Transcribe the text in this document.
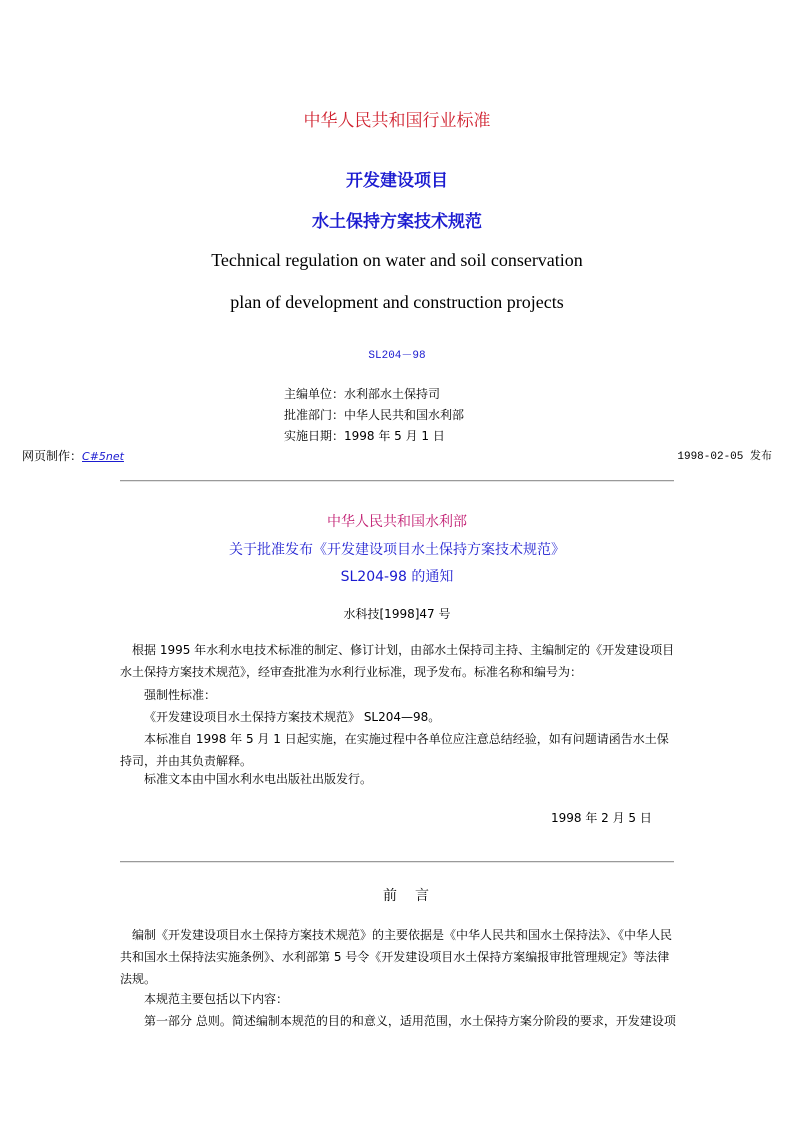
中华人民共和国行业标准
开发建设项目
水土保持方案技术规范
Technical regulation on water and soil conservation
plan of development and construction projects
SL204－98
主编单位：水利部水土保持司
批准部门：中华人民共和国水利部
实施日期：1998 年 5 月 1 日
网页制作：C#5net	1998-02-05 发布
中华人民共和国水利部
关于批准发布《开发建设项目水土保持方案技术规范》
SL204-98 的通知
水科技[1998]47 号
根据 1995 年水利水电技术标准的制定、修订计划，由部水土保持司主持、主编制定的《开发建设项目水土保持方案技术规范》，经审查批准为水利行业标准，现予发布。标准名称和编号为：
强制性标准：
《开发建设项目水土保持方案技术规范》 SL204—98。
本标准自 1998 年 5 月 1 日起实施，在实施过程中各单位应注意总结经验，如有问题请函告水土保持司，并由其负责解释。
标准文本由中国水利水电出版社出版发行。
1998 年 2 月 5 日
前言
编制《开发建设项目水土保持方案技术规范》的主要依据是《中华人民共和国水土保持法》、《中华人民共和国水土保持法实施条例》、水利部第 5 号令《开发建设项目水土保持方案编报审批管理规定》等法律法规。
本规范主要包括以下内容：
第一部分 总则。简述编制本规范的目的和意义，适用范围，水土保持方案分阶段的要求，开发建设项
